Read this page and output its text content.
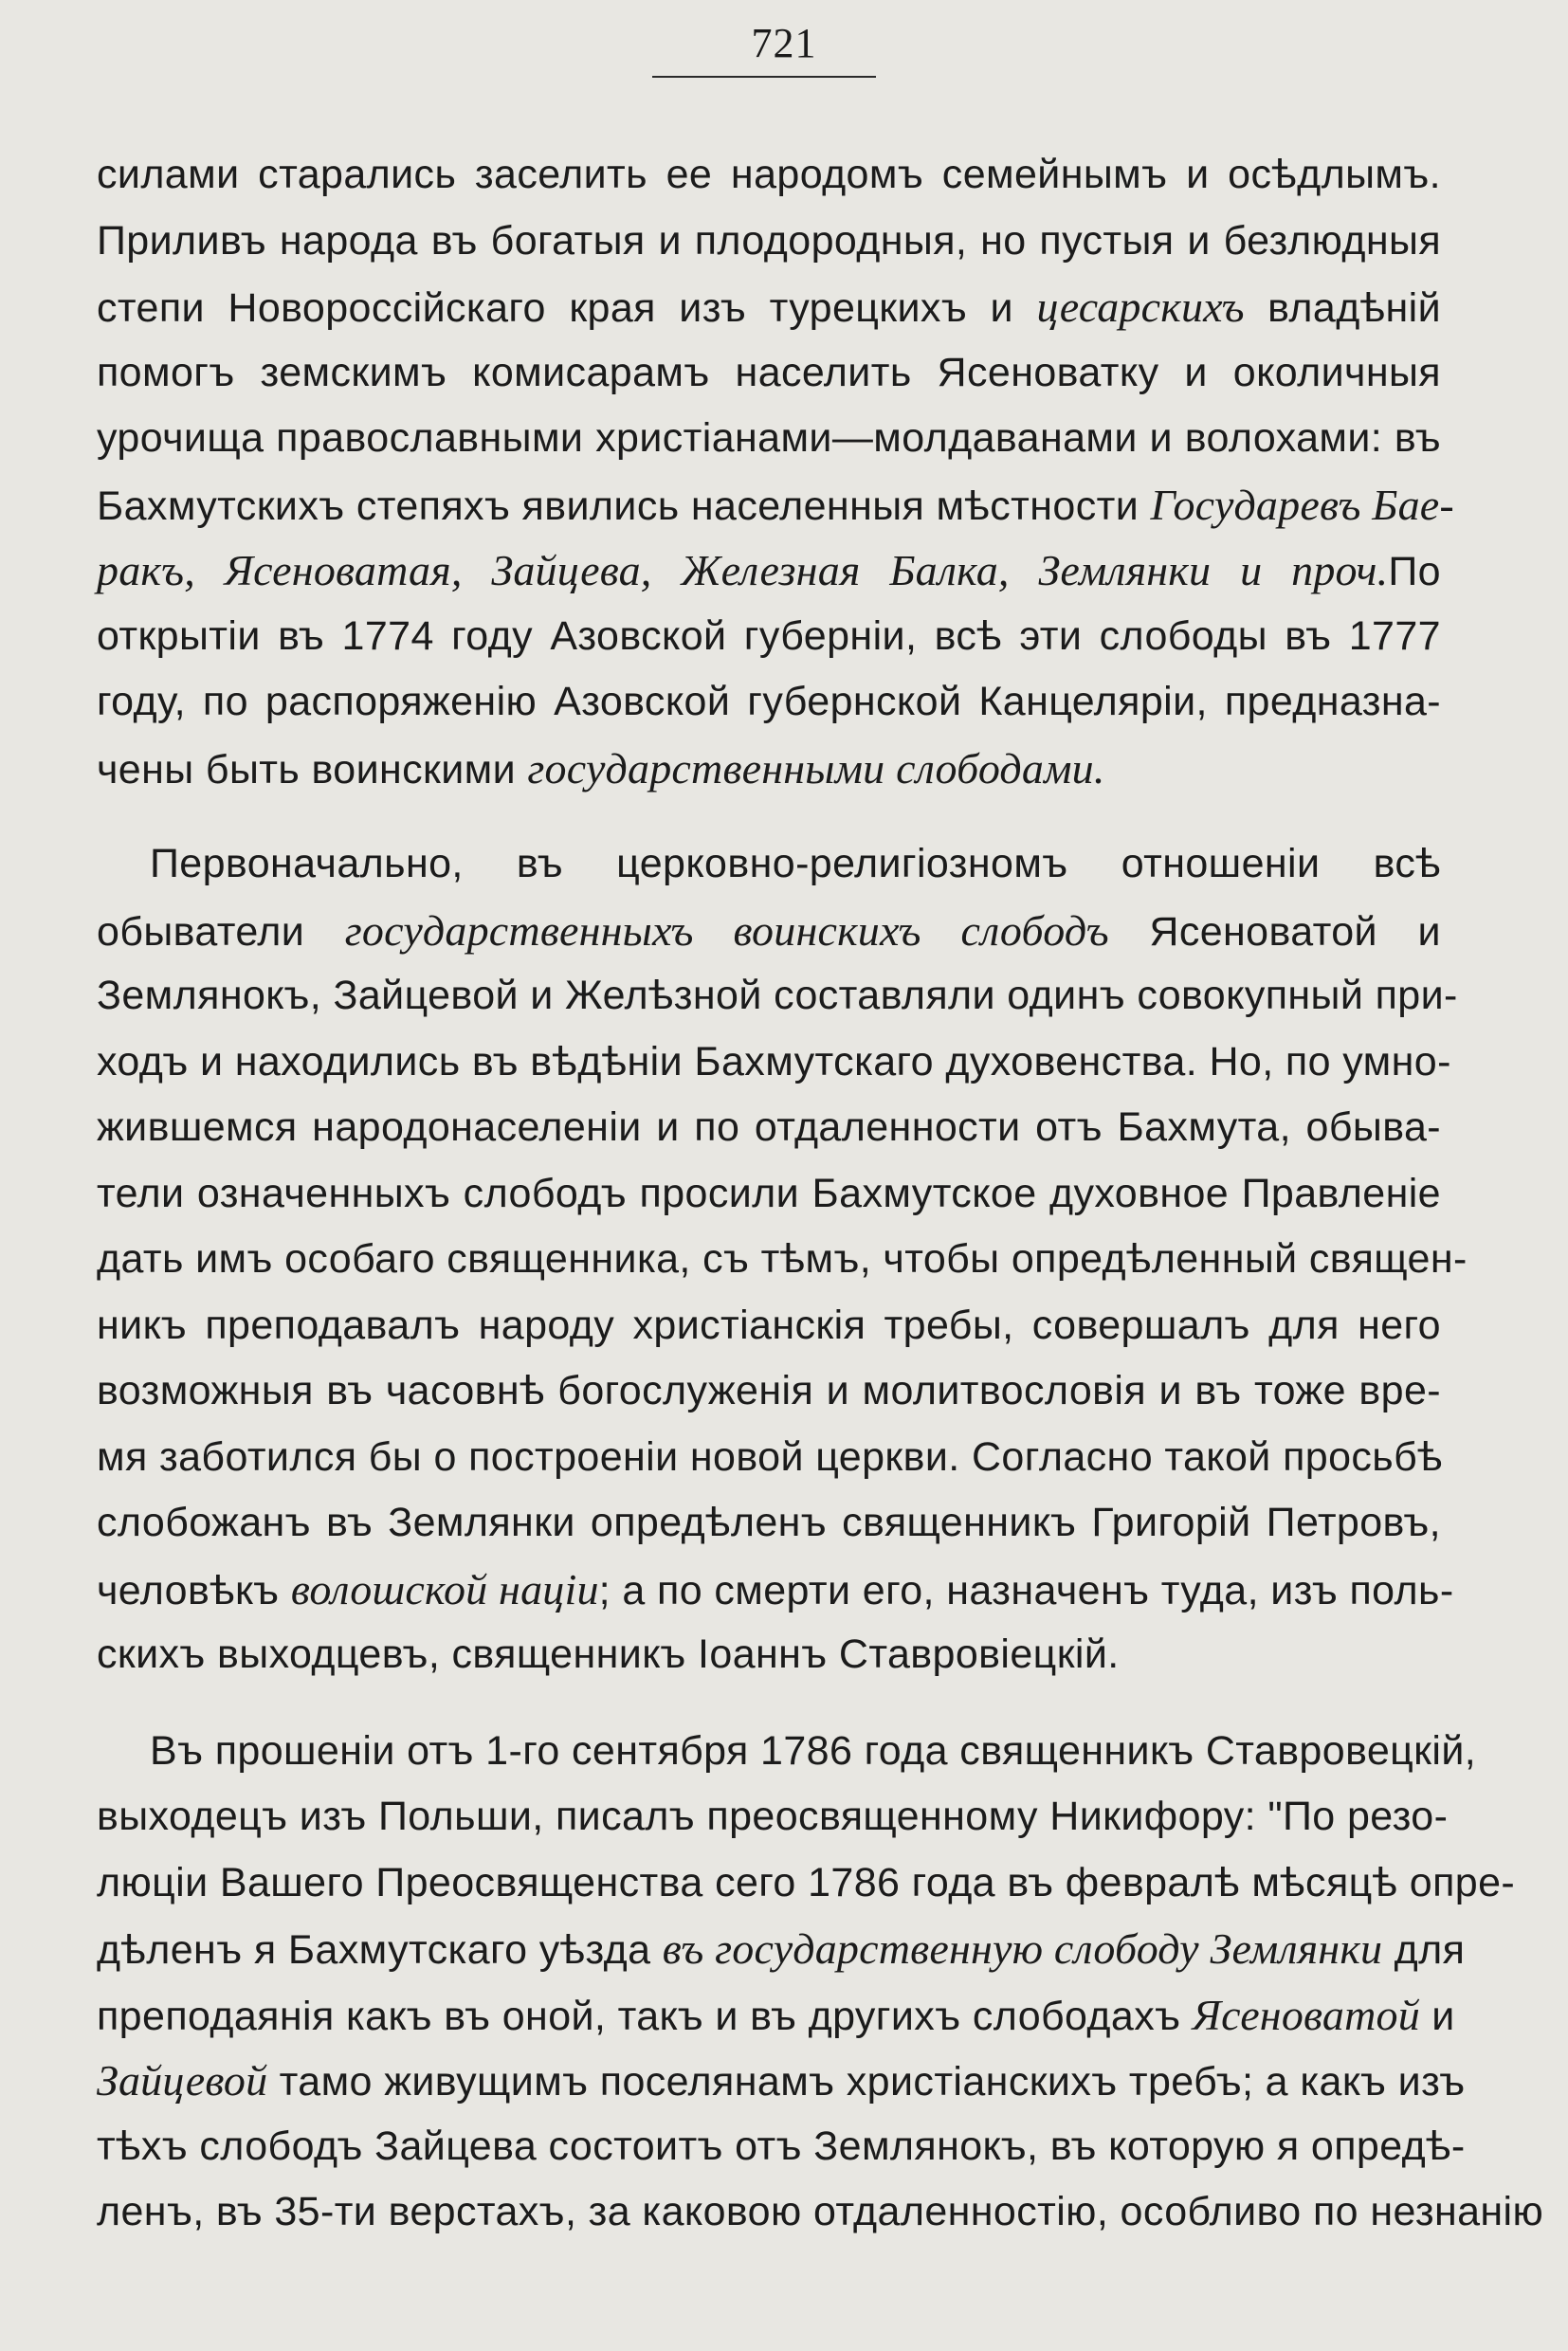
721

силами старались заселить ее народомъ семейнымъ и осѣдлымъ.
Приливъ народа въ богатыя и плодородныя, но пустыя и безлюдныя
степи Новороссійскаго края изъ турецкихъ и цесарскихъ владѣній
помогъ земскимъ комисарамъ населить Ясеноватку и околичныя
урочища православными христіанами—молдаванами и волохами: въ
Бахмутскихъ степяхъ явились населенныя мѣстности Государевъ Бае-
ракъ, Ясеноватая, Зайцева, Железная Балка, Землянки и проч.По
открытіи въ 1774 году Азовской губерніи, всѣ эти слободы въ 1777
году, по распоряженію Азовской губернской Канцеляріи, предназна-
чены быть воинскими государственными слободами.

Первоначально, въ церковно-религіозномъ отношеніи всѣ
обыватели государственныхъ воинскихъ слободъ Ясеноватой и
Землянокъ, Зайцевой и Желѣзной составляли одинъ совокупный при-
ходъ и находились въ вѣдѣніи Бахмутскаго духовенства. Но, по умно-
жившемся народонаселеніи и по отдаленности отъ Бахмута, обыва-
тели означенныхъ слободъ просили Бахмутское духовное Правленіе
дать имъ особаго священника, съ тѣмъ, чтобы опредѣленный священ-
никъ преподавалъ народу христіанскія требы, совершалъ для него
возможныя въ часовнѣ богослуженія и молитвословія и въ тоже вре-
мя заботился бы о построеніи новой церкви. Согласно такой просьбѣ
слобожанъ въ Землянки опредѣленъ священникъ Григорій Петровъ,
человѣкъ волошской націи; а по смерти его, назначенъ туда, изъ поль-
скихъ выходцевъ, священникъ Іоаннъ Ставровіецкій.

Въ прошеніи отъ 1-го сентября 1786 года священникъ Ставровецкій,
выходецъ изъ Польши, писалъ преосвященному Никифору: "По резо-
люціи Вашего Преосвященства сего 1786 года въ февралѣ мѣсяцѣ опре-
дѣленъ я Бахмутскаго уѣзда въ государственную слободу Землянки для
преподаянія какъ въ оной, такъ и въ другихъ слободахъ Ясеноватой и
Зайцевой тамо живущимъ поселянамъ христіанскихъ требъ; а какъ изъ
тѣхъ слободъ Зайцева состоитъ отъ Землянокъ, въ которую я опредѣ-
ленъ, въ 35-ти верстахъ, за каковою отдаленностію, особливо по незнанію
